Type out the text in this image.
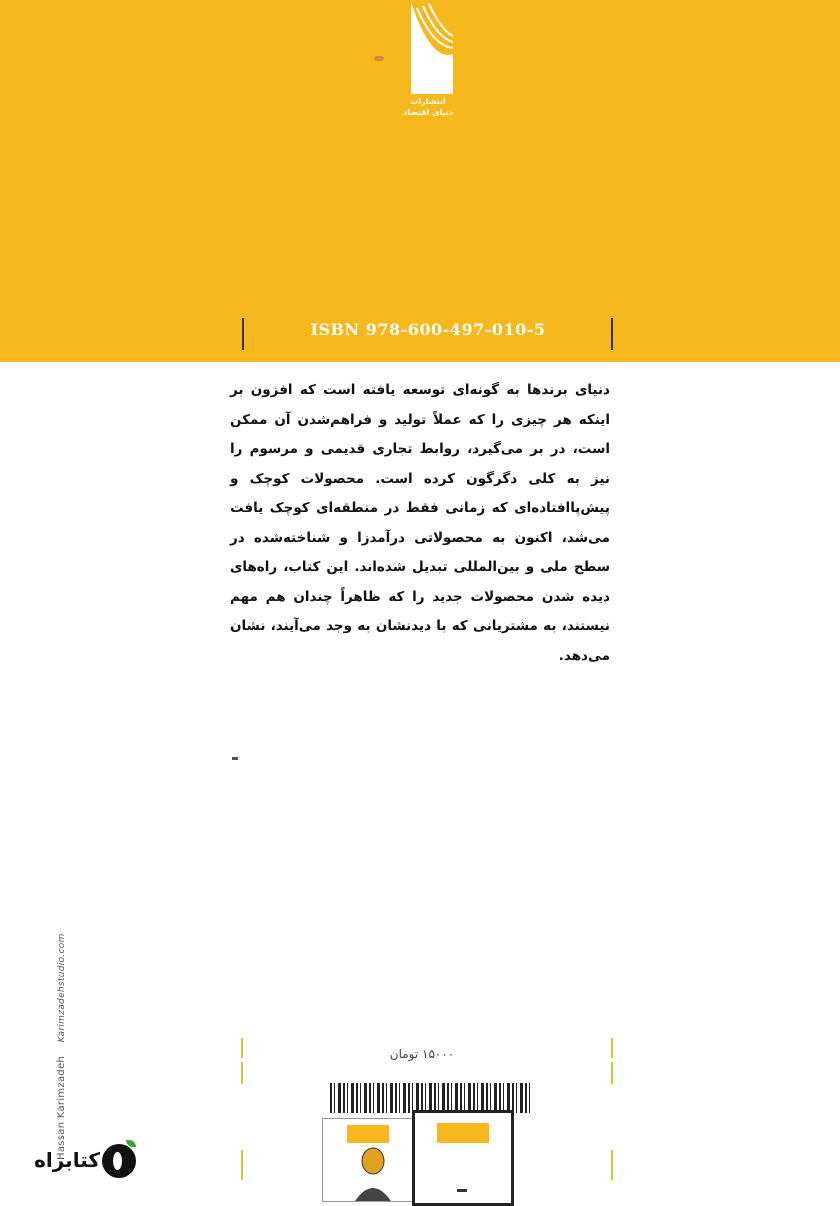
انتشارات
دنیای اقتصاد
ISBN 978-600-497-010-5
دنیای برندها به گونه‌ای توسعه یافته است که افزون بر اینکه هر چیزی را که عملاً تولید و فراهم‌شدن آن ممکن است، در بر می‌گیرد، روابط تجاری قدیمی و مرسوم را نیز به کلی دگرگون کرده است. محصولات کوچک و پیش‌پاافتاده‌ای که زمانی فقط در منطقه‌ای کوچک یافت می‌شد، اکنون به محصولاتی درآمدزا و شناخته‌شده در سطح ملی و بین‌المللی تبدیل شده‌اند. این کتاب، راه‌های دیده شدن محصولات جدید را که ظاهراً چندان هم مهم نیستند، به مشتریانی که با دیدنشان به وجد می‌آیند، نشان می‌دهد.
Hassan Karimzadeh Karimzadehstudio.com
۱۵۰۰۰ تومان
کتابراه
